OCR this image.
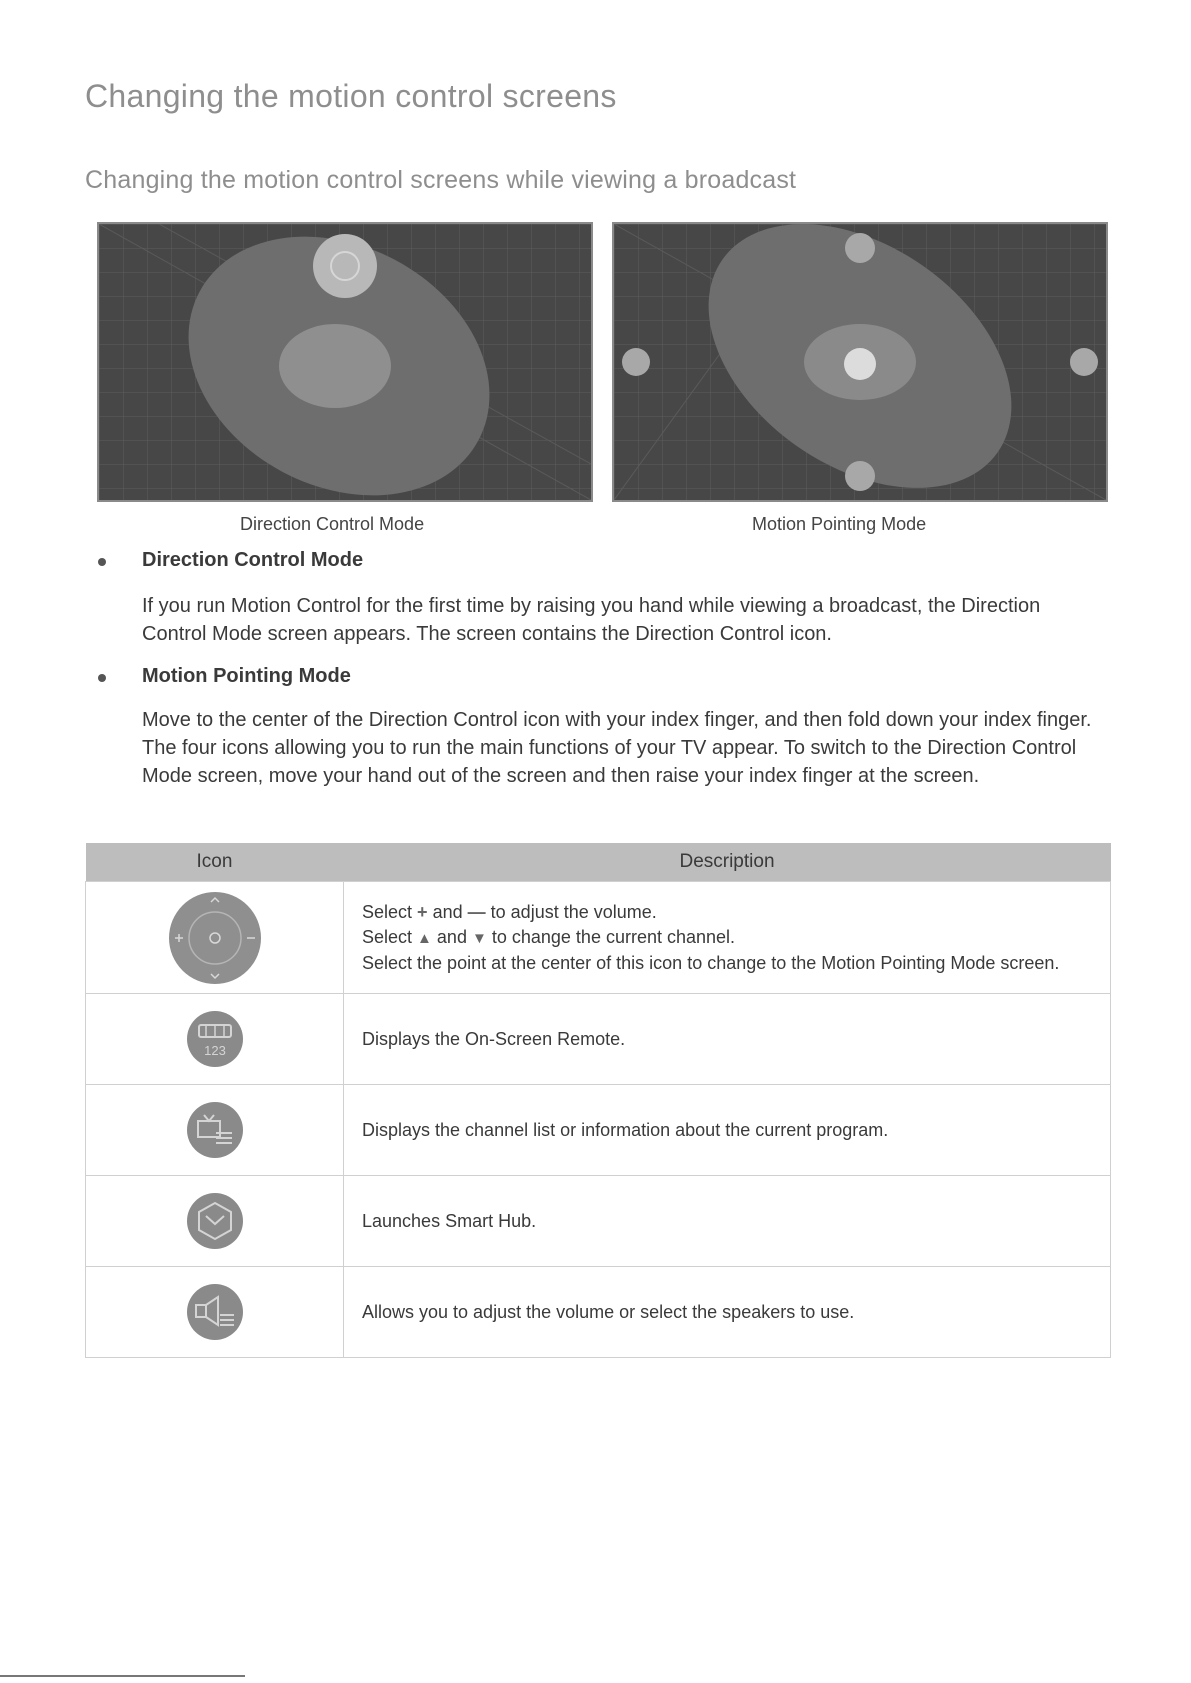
Changing the motion control screens
Changing the motion control screens while viewing a broadcast
Direction Control Mode	Motion Pointing Mode
Direction Control Mode

If you run Motion Control for the first time by raising you hand while viewing a broadcast, the Direction Control Mode screen appears. The screen contains the Direction Control icon.

Motion Pointing Mode

Move to the center of the Direction Control icon with your index finger, and then fold down your index finger. The four icons allowing you to run the main functions of your TV appear. To switch to the Direction Control Mode screen, move your hand out of the screen and then raise your index finger at the screen.

Icon	Description

Select + and — to adjust the volume.
Select ▲ and ▼ to change the current channel.
Select the point at the center of this icon to change to the Motion Pointing Mode screen.

123	Displays the On-Screen Remote.
	Displays the channel list or information about the current program.
	Launches Smart Hub.
	Allows you to adjust the volume or select the speakers to use.
